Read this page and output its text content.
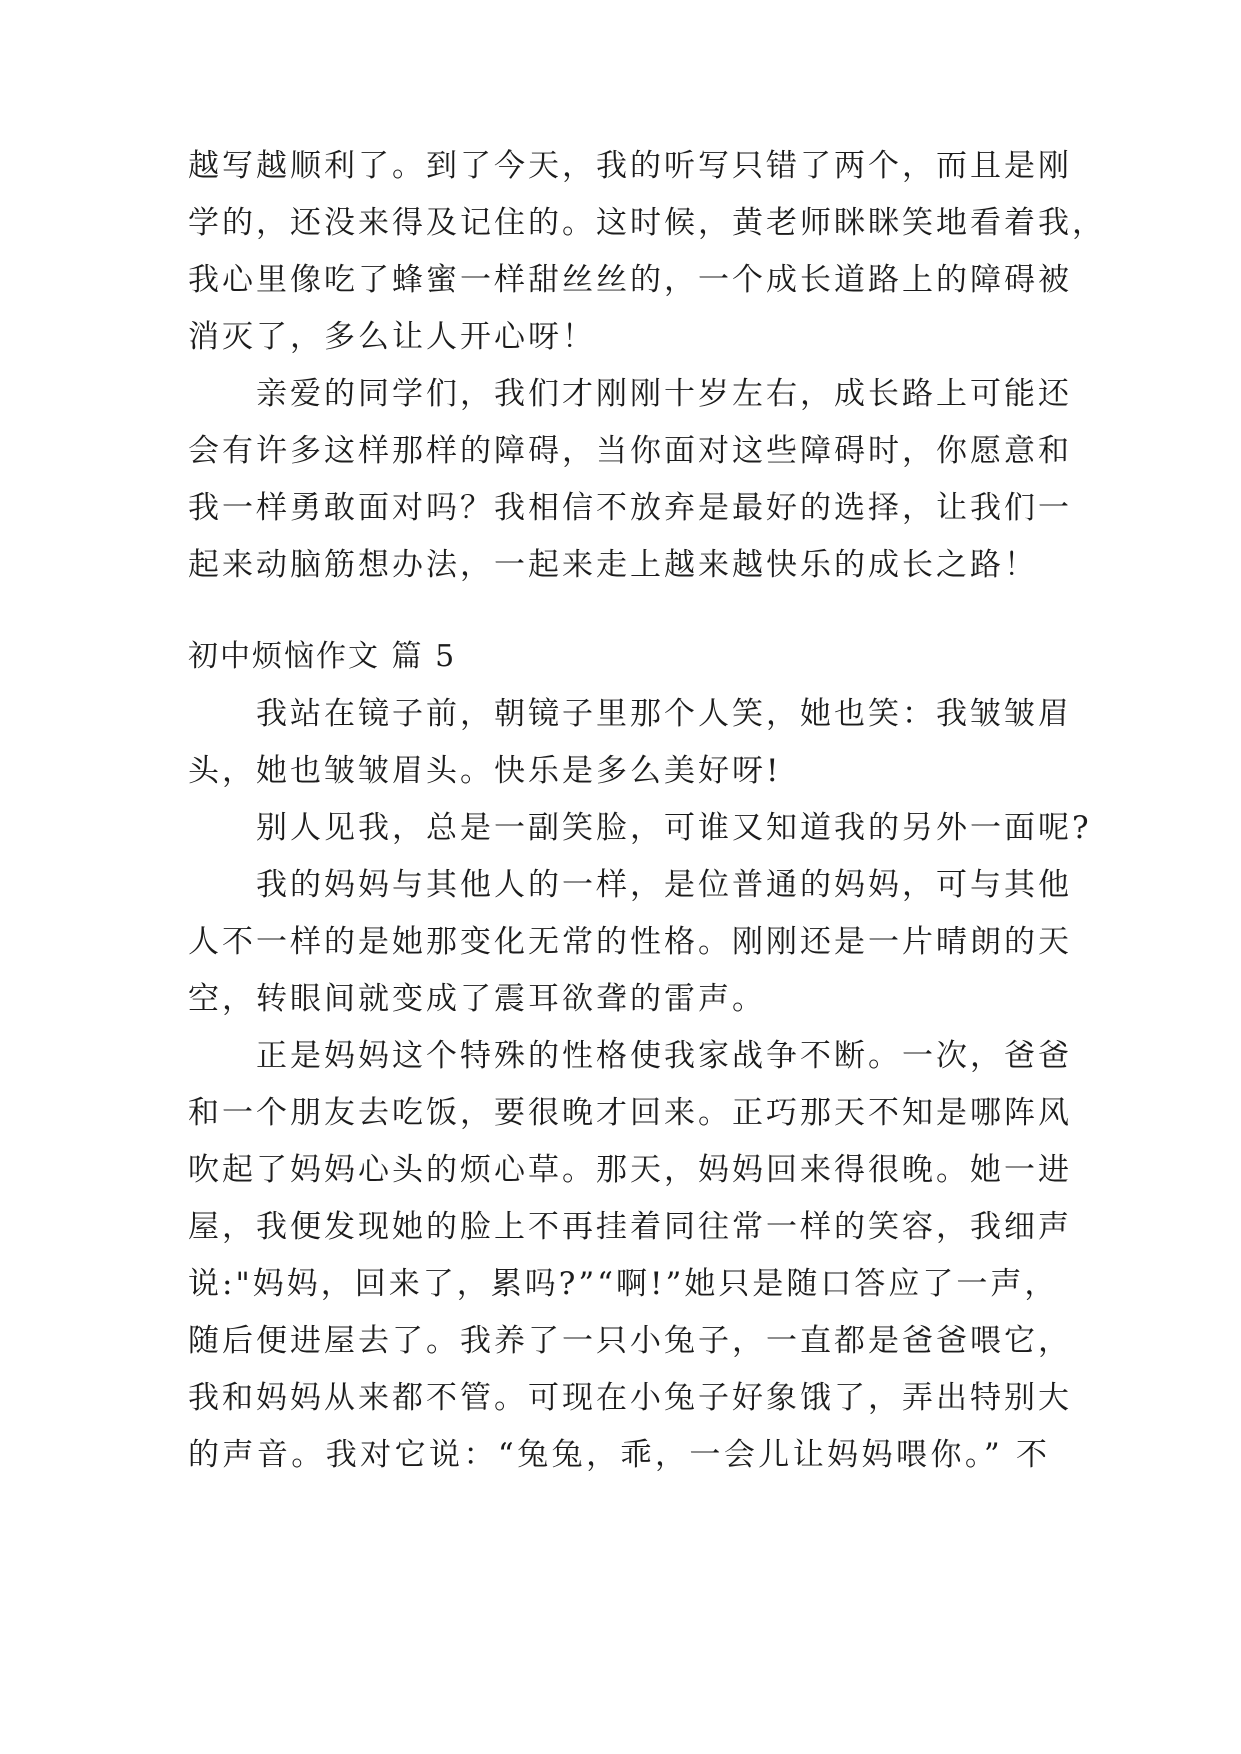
越写越顺利了。到了今天，我的听写只错了两个，而且是刚
学的，还没来得及记住的。这时候，黄老师眯眯笑地看着我，
我心里像吃了蜂蜜一样甜丝丝的，一个成长道路上的障碍被
消灭了，多么让人开心呀！
亲爱的同学们，我们才刚刚十岁左右，成长路上可能还
会有许多这样那样的障碍，当你面对这些障碍时，你愿意和
我一样勇敢面对吗？我相信不放弃是最好的选择，让我们一
起来动脑筋想办法，一起来走上越来越快乐的成长之路！
初中烦恼作文 篇 5
我站在镜子前，朝镜子里那个人笑，她也笑：我皱皱眉
头，她也皱皱眉头。快乐是多么美好呀!
别人见我，总是一副笑脸，可谁又知道我的另外一面呢?
我的妈妈与其他人的一样，是位普通的妈妈，可与其他
人不一样的是她那变化无常的性格。刚刚还是一片晴朗的天
空，转眼间就变成了震耳欲聋的雷声。
正是妈妈这个特殊的性格使我家战争不断。一次，爸爸
和一个朋友去吃饭，要很晚才回来。正巧那天不知是哪阵风
吹起了妈妈心头的烦心草。那天，妈妈回来得很晚。她一进
屋，我便发现她的脸上不再挂着同往常一样的笑容，我细声
说:"妈妈，回来了，累吗?”“啊!”她只是随口答应了一声，
随后便进屋去了。我养了一只小兔子，一直都是爸爸喂它，
我和妈妈从来都不管。可现在小兔子好象饿了，弄出特别大
的声音。我对它说：“兔兔，乖，一会儿让妈妈喂你。” 不
